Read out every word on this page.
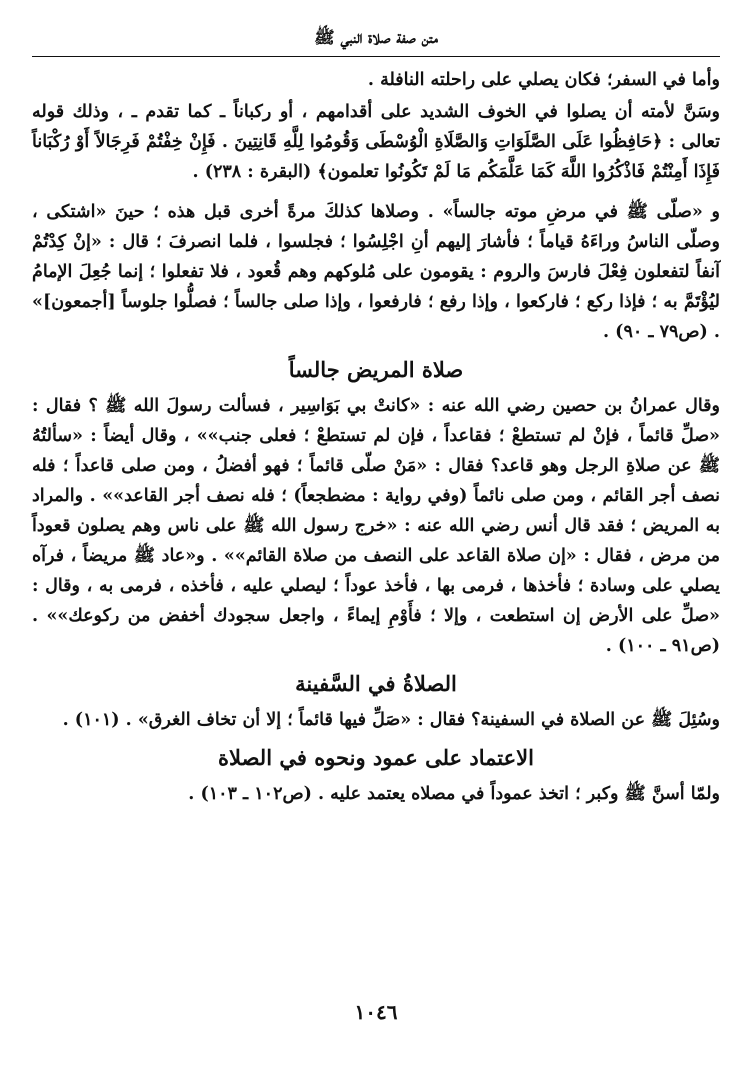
متن صفة صلاة النبي ﷺ

وأما في السفر؛ فكان يصلي على راحلته النافلة .

وسَنَّ لأمته أن يصلوا في الخوف الشديد على أقدامهم ، أو ركباناً ـ كما تقدم ـ ، وذلك قوله تعالى : ﴿حَافِظُوا عَلَى الصَّلَوَاتِ وَالصَّلَاةِ الْوُسْطَى وَقُومُوا لِلَّهِ قَانِتِينَ . فَإِنْ خِفْتُمْ فَرِجَالاً أَوْ رُكْبَاناً فَإِذَا أَمِنْتُمْ فَاذْكُرُوا اللَّهَ كَمَا عَلَّمَكُم مَا لَمْ تَكُونُوا تعلمون﴾ (البقرة : ٢٣٨) .

و «صلّى ﷺ في مرضِ موته جالساً» . وصلاها كذلكَ مرةً أخرى قبل هذه ؛ حينَ «اشتكى ، وصلّى الناسُ وراءَهُ قياماً ؛ فأشارَ إليهم أنِ اجْلِسُوا ؛ فجلسوا ، فلما انصرفَ ؛ قال : «إنْ كِدْتُمْ آنفاً لتفعلون فِعْلَ فارسَ والروم : يقومون على مُلوكهم وهم قُعود ، فلا تفعلوا ؛ إنما جُعِلَ الإمامُ ليُؤْتَمَّ به ؛ فإذا ركع ؛ فاركعوا ، وإذا رفع ؛ فارفعوا ، وإذا صلى جالساً ؛ فصلُّوا جلوساً [أجمعون]» . (ص٧٩ ـ ٩٠) .

صلاة المريض جالساً

وقال عمرانُ بن حصين رضي الله عنه : «كانتْ بي بَوَاسِير ، فسألت رسولَ الله ﷺ ؟ فقال : «صلِّ قائماً ، فإنْ لم تستطعْ ؛ فقاعداً ، فإن لم تستطعْ ؛ فعلى جنب»» ، وقال أيضاً : «سألتُهُ ﷺ عن صلاةِ الرجل وهو قاعد؟ فقال : «مَنْ صلّى قائماً ؛ فهو أفضلُ ، ومن صلى قاعداً ؛ فله نصف أجر القائم ، ومن صلى نائماً (وفي رواية : مضطجعاً) ؛ فله نصف أجر القاعد»» . والمراد به المريض ؛ فقد قال أنس رضي الله عنه : «خرج رسول الله ﷺ على ناس وهم يصلون قعوداً من مرض ، فقال : «إن صلاة القاعد على النصف من صلاة القائم»» . و«عاد ﷺ مريضاً ، فرآه يصلي على وسادة ؛ فأخذها ، فرمى بها ، فأخذ عوداً ؛ ليصلي عليه ، فأخذه ، فرمى به ، وقال : «صلِّ على الأرض إن استطعت ، وإلا ؛ فأَوْمِ إيماءً ، واجعل سجودك أخفض من ركوعك»» . (ص٩١ ـ ١٠٠) .

الصلاةُ في السَّفينة

وسُئِلَ ﷺ عن الصلاة في السفينة؟ فقال : «صَلِّ فيها قائماً ؛ إلا أن تخاف الغرق» . (١٠١) .

الاعتماد على عمود ونحوه في الصلاة

ولمّا أسنَّ ﷺ وكبر ؛ اتخذ عموداً في مصلاه يعتمد عليه . (ص١٠٢ ـ ١٠٣) .

١٠٤٦
